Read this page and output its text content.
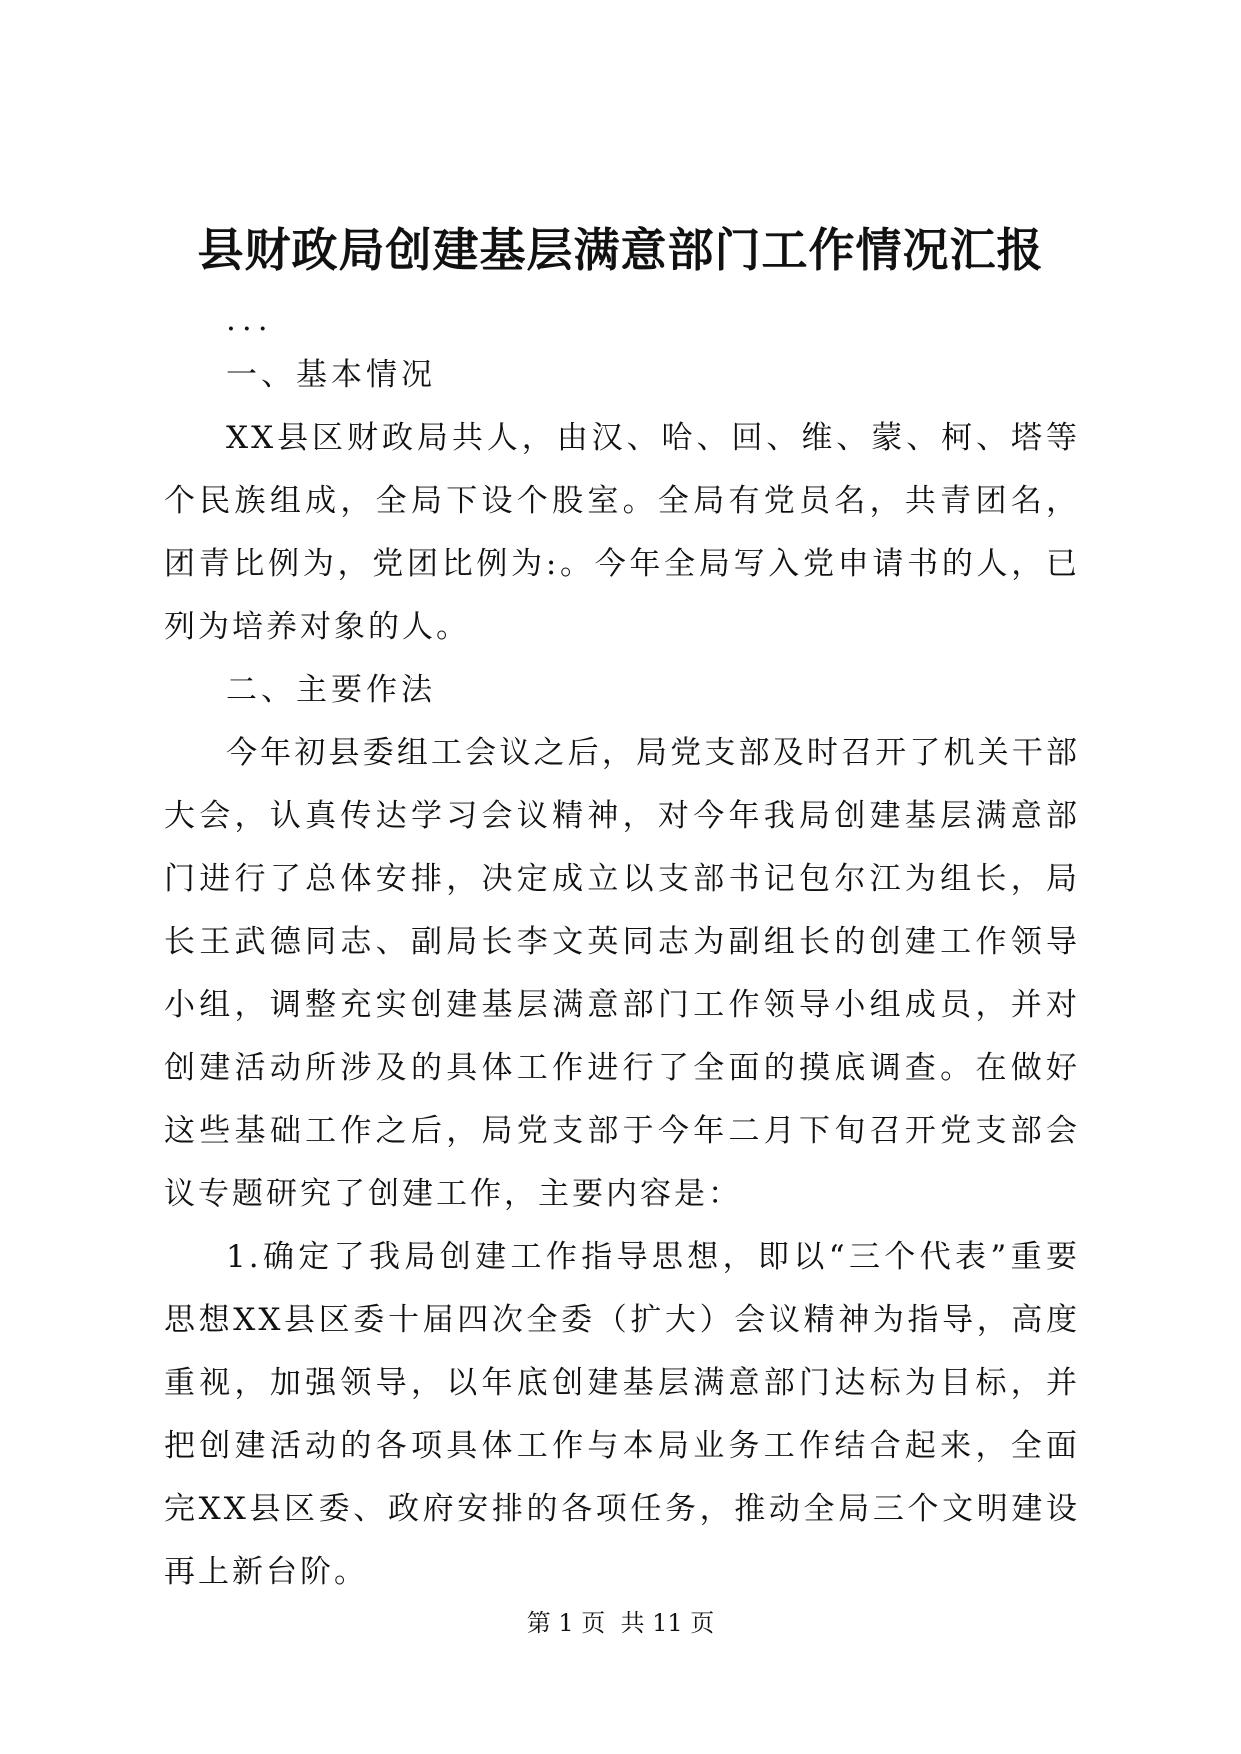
县财政局创建基层满意部门工作情况汇报

...

一、基本情况

XX县区财政局共人，由汉、哈、回、维、蒙、柯、塔等个民族组成，全局下设个股室。全局有党员名，共青团名，团青比例为，党团比例为:。今年全局写入党申请书的人，已列为培养对象的人。

二、主要作法

今年初县委组工会议之后，局党支部及时召开了机关干部大会，认真传达学习会议精神，对今年我局创建基层满意部门进行了总体安排，决定成立以支部书记包尔江为组长，局长王武德同志、副局长李文英同志为副组长的创建工作领导小组，调整充实创建基层满意部门工作领导小组成员，并对创建活动所涉及的具体工作进行了全面的摸底调查。在做好这些基础工作之后，局党支部于今年二月下旬召开党支部会议专题研究了创建工作，主要内容是：

1.确定了我局创建工作指导思想，即以“三个代表”重要思想XX县区委十届四次全委（扩大）会议精神为指导，高度重视，加强领导，以年底创建基层满意部门达标为目标，并把创建活动的各项具体工作与本局业务工作结合起来，全面完XX县区委、政府安排的各项任务，推动全局三个文明建设再上新台阶。

第 1 页  共 11 页
